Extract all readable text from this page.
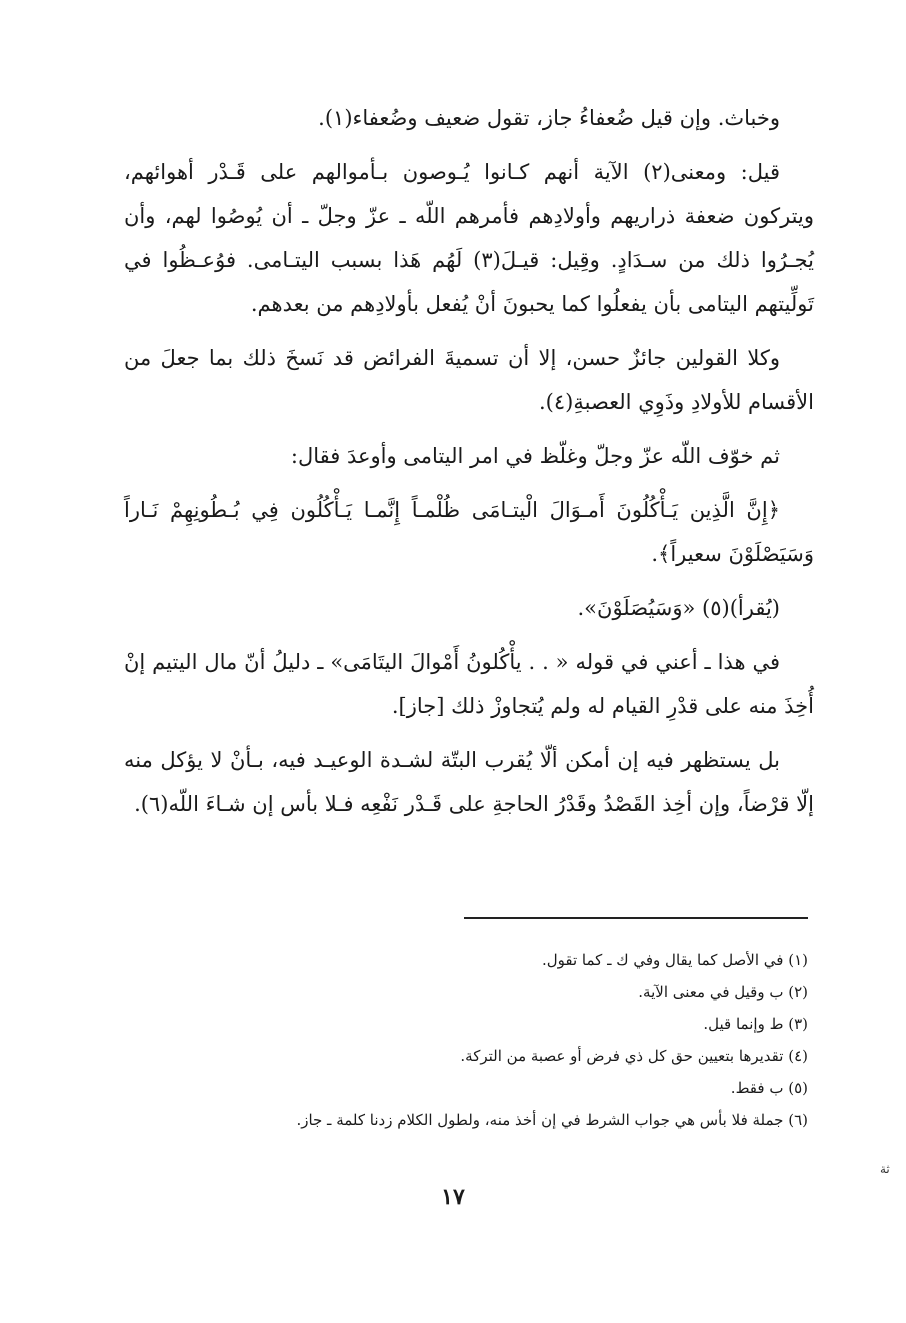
وخباث. وإن قيل ضُعفاءُ جاز، تقول ضعيف وضُعفاء(١).

قيل: ومعنى(٢) الآية أنهم كـانوا يُـوصون بـأموالهم على قَـدْر أهوائهم، ويتركون ضعفة ذراريهم وأولادِهم فأمرهم اللّه ـ عزّ وجلّ ـ أن يُوصُوا لهم، وأن يُجـرُوا ذلك من سـدَادٍ. وقِيل: قيـلَ(٣) لَهُم هَذا بسبب اليتـامى. فوُعـظُوا في تَولِّيتهم اليتامى بأن يفعلُوا كما يحبونَ أنْ يُفعل بأولادِهم من بعدهم.

وكلا القولين جائزٌ حسن، إلا أن تسميةَ الفرائض قد نَسخَ ذلك بما جعلَ من الأقسام للأولادِ وذَوِي العصبةِ(٤).

ثم خوّف اللّه عزّ وجلّ وغلّظ في امر اليتامى وأوعدَ فقال:

﴿إِنَّ الَّذِين يَـأْكُلُونَ أَمـوَالَ الْيتـامَى ظُلْمـاً إِنَّمـا يَـأْكُلُون فِي بُـطُونِهِمْ نَـاراً وَسَيَصْلَوْنَ سعيراً﴾.

(يُقرأ)(٥) «وَسَيُصَلَوْنَ».

في هذا ـ أعني في قوله « . . يأْكُلونُ أَمْوالَ اليتَامَى» ـ دليلُ أنّ مال اليتيم إنْ أُخِذَ منه على قدْرِ القيام له ولم يُتجاوزْ ذلك [جاز].

بل يستظهر فيه إن أمكن ألّا يُقرب البتّة لشـدة الوعيـد فيه، بـأنْ لا يؤكل منه إلّا قرْضاً، وإن أخِذ القَصْدُ وقَدْرُ الحاجةِ على قَـدْر نَفْعِه فـلا بأس إن شـاءَ اللّه(٦).

(١) في الأصل كما يقال وفي ك ـ كما تقول.
(٢) ب وقيل في معنى الآية.
(٣) ط وإنما قيل.
(٤) تقديرها بتعيين حق كل ذي فرض أو عصبة من التركة.
(٥) ب فقط.
(٦) جملة فلا بأس هي جواب الشرط في إن أخذ منه، ولطول الكلام زدنا كلمة ـ جاز.
١٧
ثة
